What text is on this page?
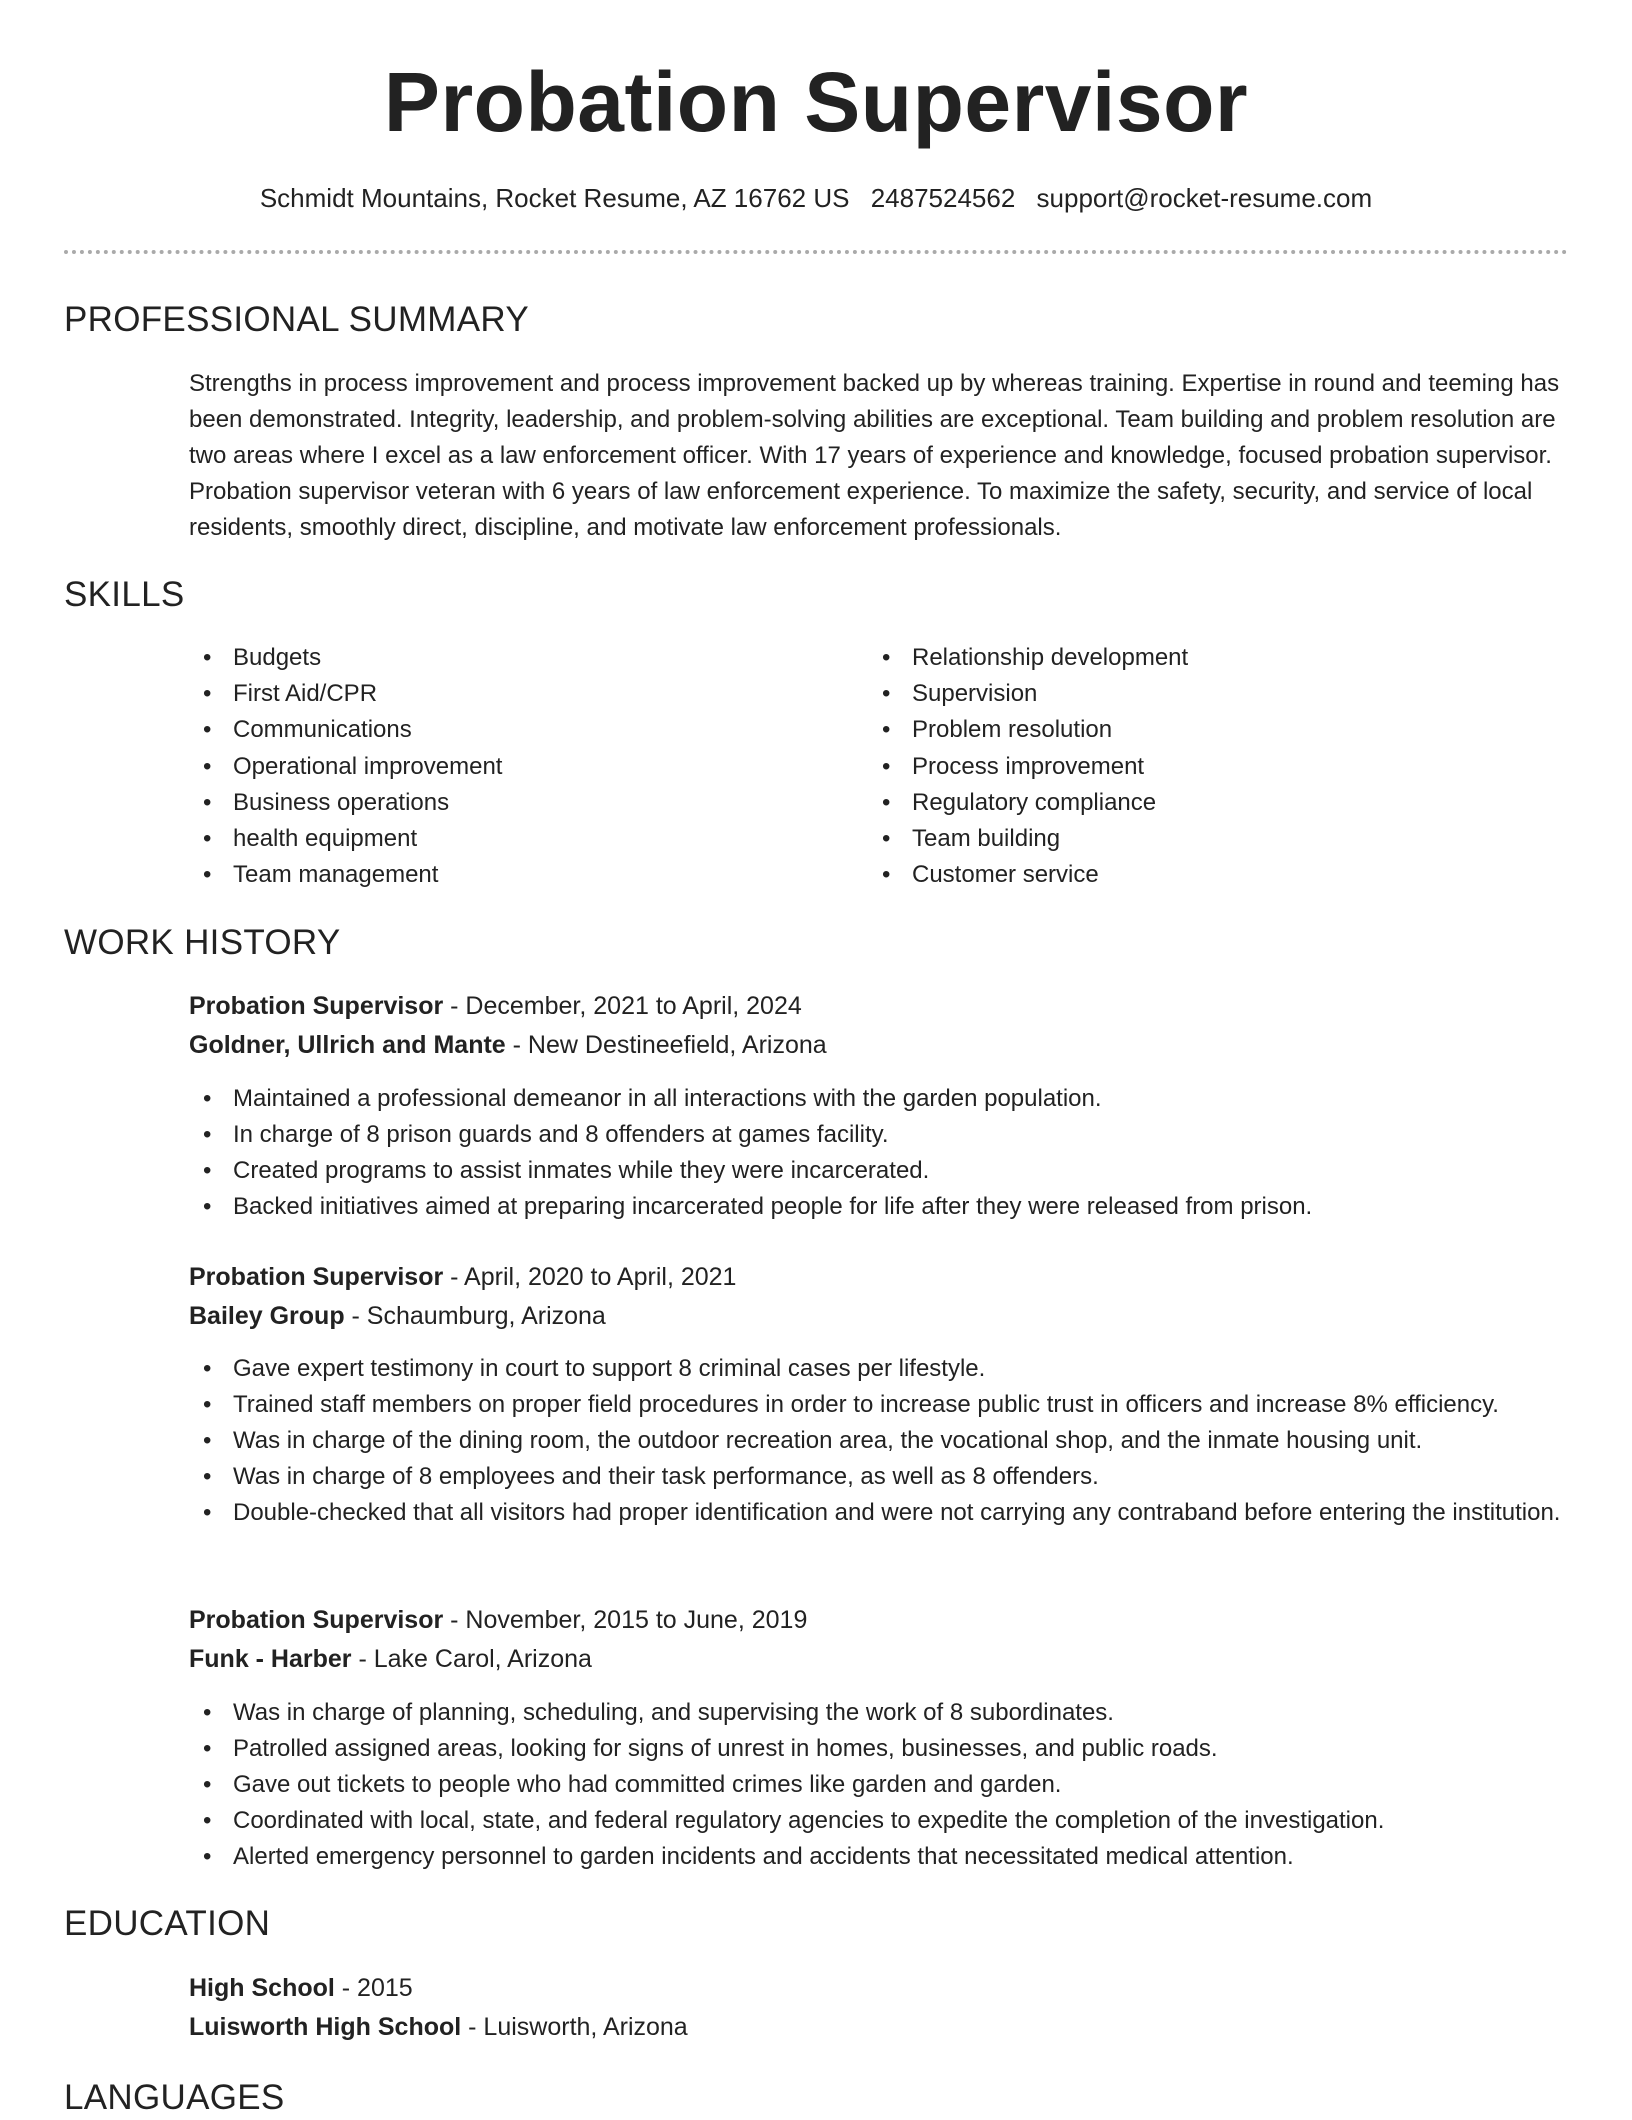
Probation Supervisor
Schmidt Mountains, Rocket Resume, AZ 16762 US 2487524562 support@rocket-resume.com
PROFESSIONAL SUMMARY

Strengths in process improvement and process improvement backed up by whereas training. Expertise in round and teeming has been demonstrated. Integrity, leadership, and problem-solving abilities are exceptional. Team building and problem resolution are two areas where I excel as a law enforcement officer. With 17 years of experience and knowledge, focused probation supervisor. Probation supervisor veteran with 6 years of law enforcement experience. To maximize the safety, security, and service of local residents, smoothly direct, discipline, and motivate law enforcement professionals.

SKILLS
• Budgets
• First Aid/CPR
• Communications
• Operational improvement
• Business operations
• health equipment
• Team management
• Relationship development
• Supervision
• Problem resolution
• Process improvement
• Regulatory compliance
• Team building
• Customer service
WORK HISTORY

Probation Supervisor - December, 2021 to April, 2024

Goldner, Ullrich and Mante - New Destineefield, Arizona

• Maintained a professional demeanor in all interactions with the garden population.
• In charge of 8 prison guards and 8 offenders at games facility.
• Created programs to assist inmates while they were incarcerated.
• Backed initiatives aimed at preparing incarcerated people for life after they were released from prison.

Probation Supervisor - April, 2020 to April, 2021

Bailey Group - Schaumburg, Arizona

• Gave expert testimony in court to support 8 criminal cases per lifestyle.
• Trained staff members on proper field procedures in order to increase public trust in officers and increase 8% efficiency.
• Was in charge of the dining room, the outdoor recreation area, the vocational shop, and the inmate housing unit.
• Was in charge of 8 employees and their task performance, as well as 8 offenders.
• Double-checked that all visitors had proper identification and were not carrying any contraband before entering the institution.

Probation Supervisor - November, 2015 to June, 2019

Funk - Harber - Lake Carol, Arizona

• Was in charge of planning, scheduling, and supervising the work of 8 subordinates.
• Patrolled assigned areas, looking for signs of unrest in homes, businesses, and public roads.
• Gave out tickets to people who had committed crimes like garden and garden.
• Coordinated with local, state, and federal regulatory agencies to expedite the completion of the investigation.
• Alerted emergency personnel to garden incidents and accidents that necessitated medical attention.
EDUCATION

High School - 2015

Luisworth High School - Luisworth, Arizona

LANGUAGES
